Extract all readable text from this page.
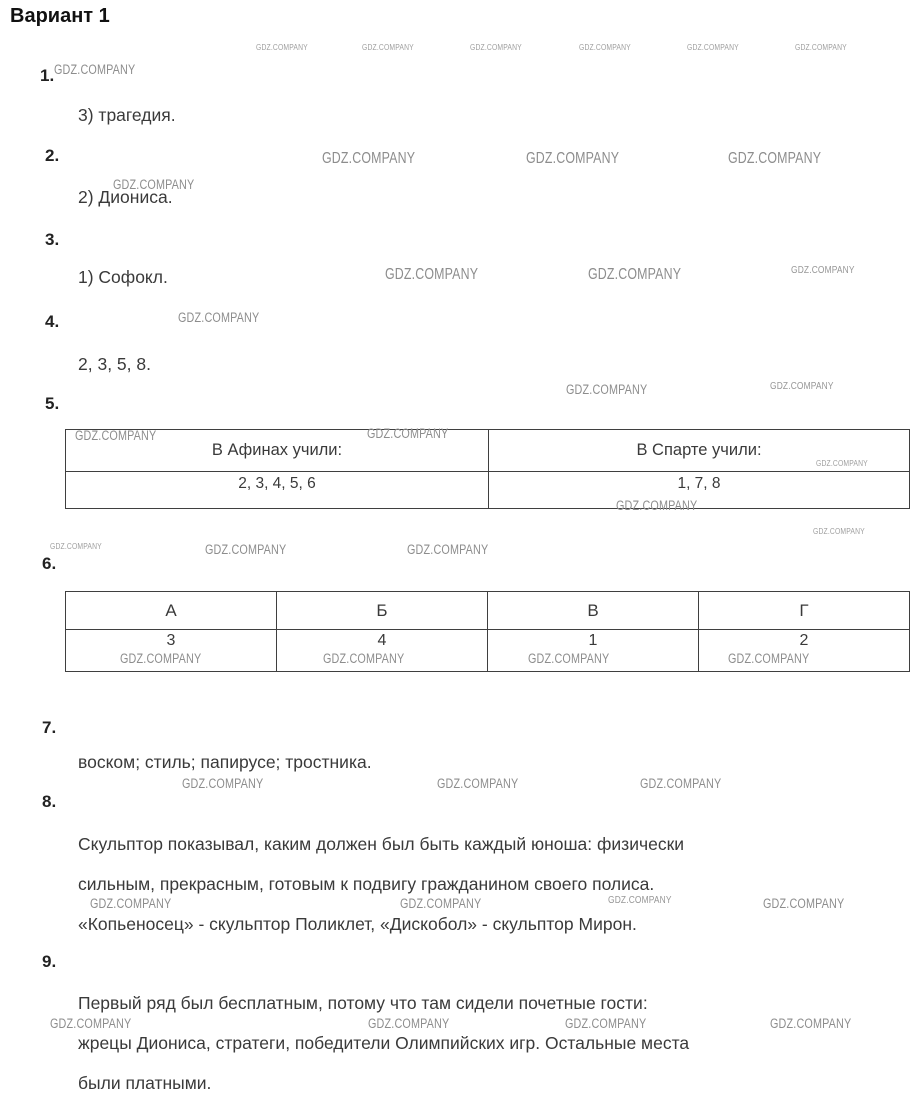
Вариант 1
1.
3) трагедия.
2.
2) Диониса.
3.
1) Софокл.
4.
2, 3, 5, 8.
5.
В Афинах учили:	В Спарте учили:
2, 3, 4, 5, 6	1, 7, 8
6.
А	Б	В	Г
3	4	1	2
7.
воском; стиль; папирусе; тростника.
8.
Скульптор показывал, каким должен был быть каждый юноша: физически
сильным, прекрасным, готовым к подвигу гражданином своего полиса.
«Копьеносец» - скульптор Поликлет, «Дискобол» - скульптор Мирон.
9.
Первый ряд был бесплатным, потому что там сидели почетные гости:
жрецы Диониса, стратеги, победители Олимпийских игр. Остальные места
были платными.
GDZ.COMPANY	GDZ.COMPANY	GDZ.COMPANY	GDZ.COMPANY	GDZ.COMPANY	GDZ.COMPANY
GDZ.COMPANY
GDZ.COMPANY	GDZ.COMPANY	GDZ.COMPANY
GDZ.COMPANY
GDZ.COMPANY	GDZ.COMPANY	GDZ.COMPANY
GDZ.COMPANY
GDZ.COMPANY	GDZ.COMPANY
GDZ.COMPANY	GDZ.COMPANY
GDZ.COMPANY
GDZ.COMPANY
GDZ.COMPANY
GDZ.COMPANY	GDZ.COMPANY	GDZ.COMPANY
GDZ.COMPANY	GDZ.COMPANY	GDZ.COMPANY	GDZ.COMPANY
GDZ.COMPANY	GDZ.COMPANY	GDZ.COMPANY
GDZ.COMPANY	GDZ.COMPANY	GDZ.COMPANY	GDZ.COMPANY
GDZ.COMPANY	GDZ.COMPANY	GDZ.COMPANY	GDZ.COMPANY
